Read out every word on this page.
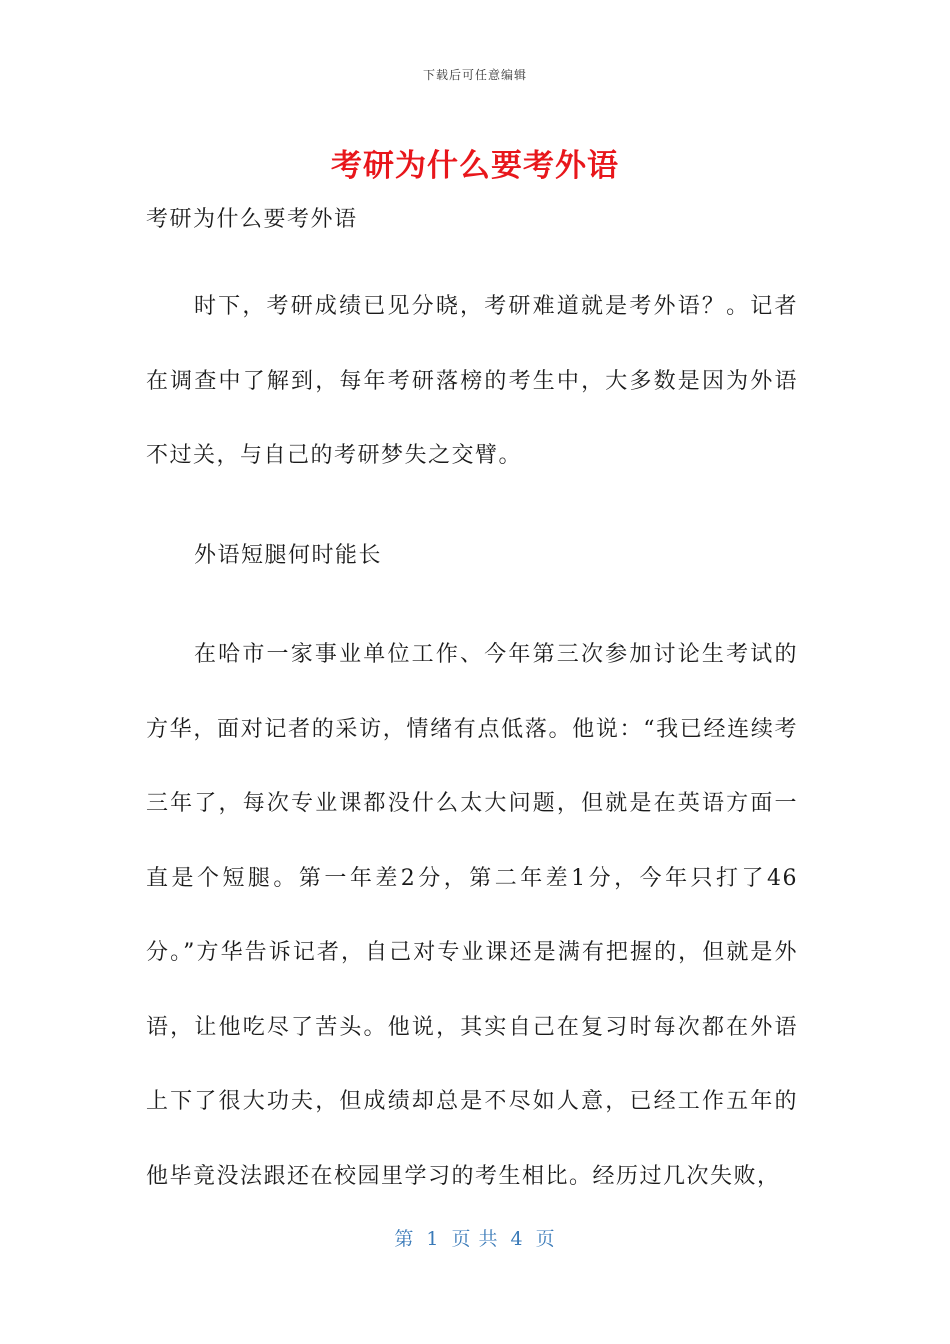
下载后可任意编辑
考研为什么要考外语

考研为什么要考外语

时下，考研成绩已见分晓，考研难道就是考外语？。记者在调查中了解到，每年考研落榜的考生中，大多数是因为外语不过关，与自己的考研梦失之交臂。

外语短腿何时能长

在哈市一家事业单位工作、今年第三次参加讨论生考试的方华，面对记者的采访，情绪有点低落。他说：“我已经连续考三年了，每次专业课都没什么太大问题，但就是在英语方面一直是个短腿。第一年差2分，第二年差1分，今年只打了46分。”方华告诉记者，自己对专业课还是满有把握的，但就是外语，让他吃尽了苦头。他说，其实自己在复习时每次都在外语上下了很大功夫，但成绩却总是不尽如人意，已经工作五年的他毕竟没法跟还在校园里学习的考生相比。经历过几次失败，

第 1 页 共 4 页
